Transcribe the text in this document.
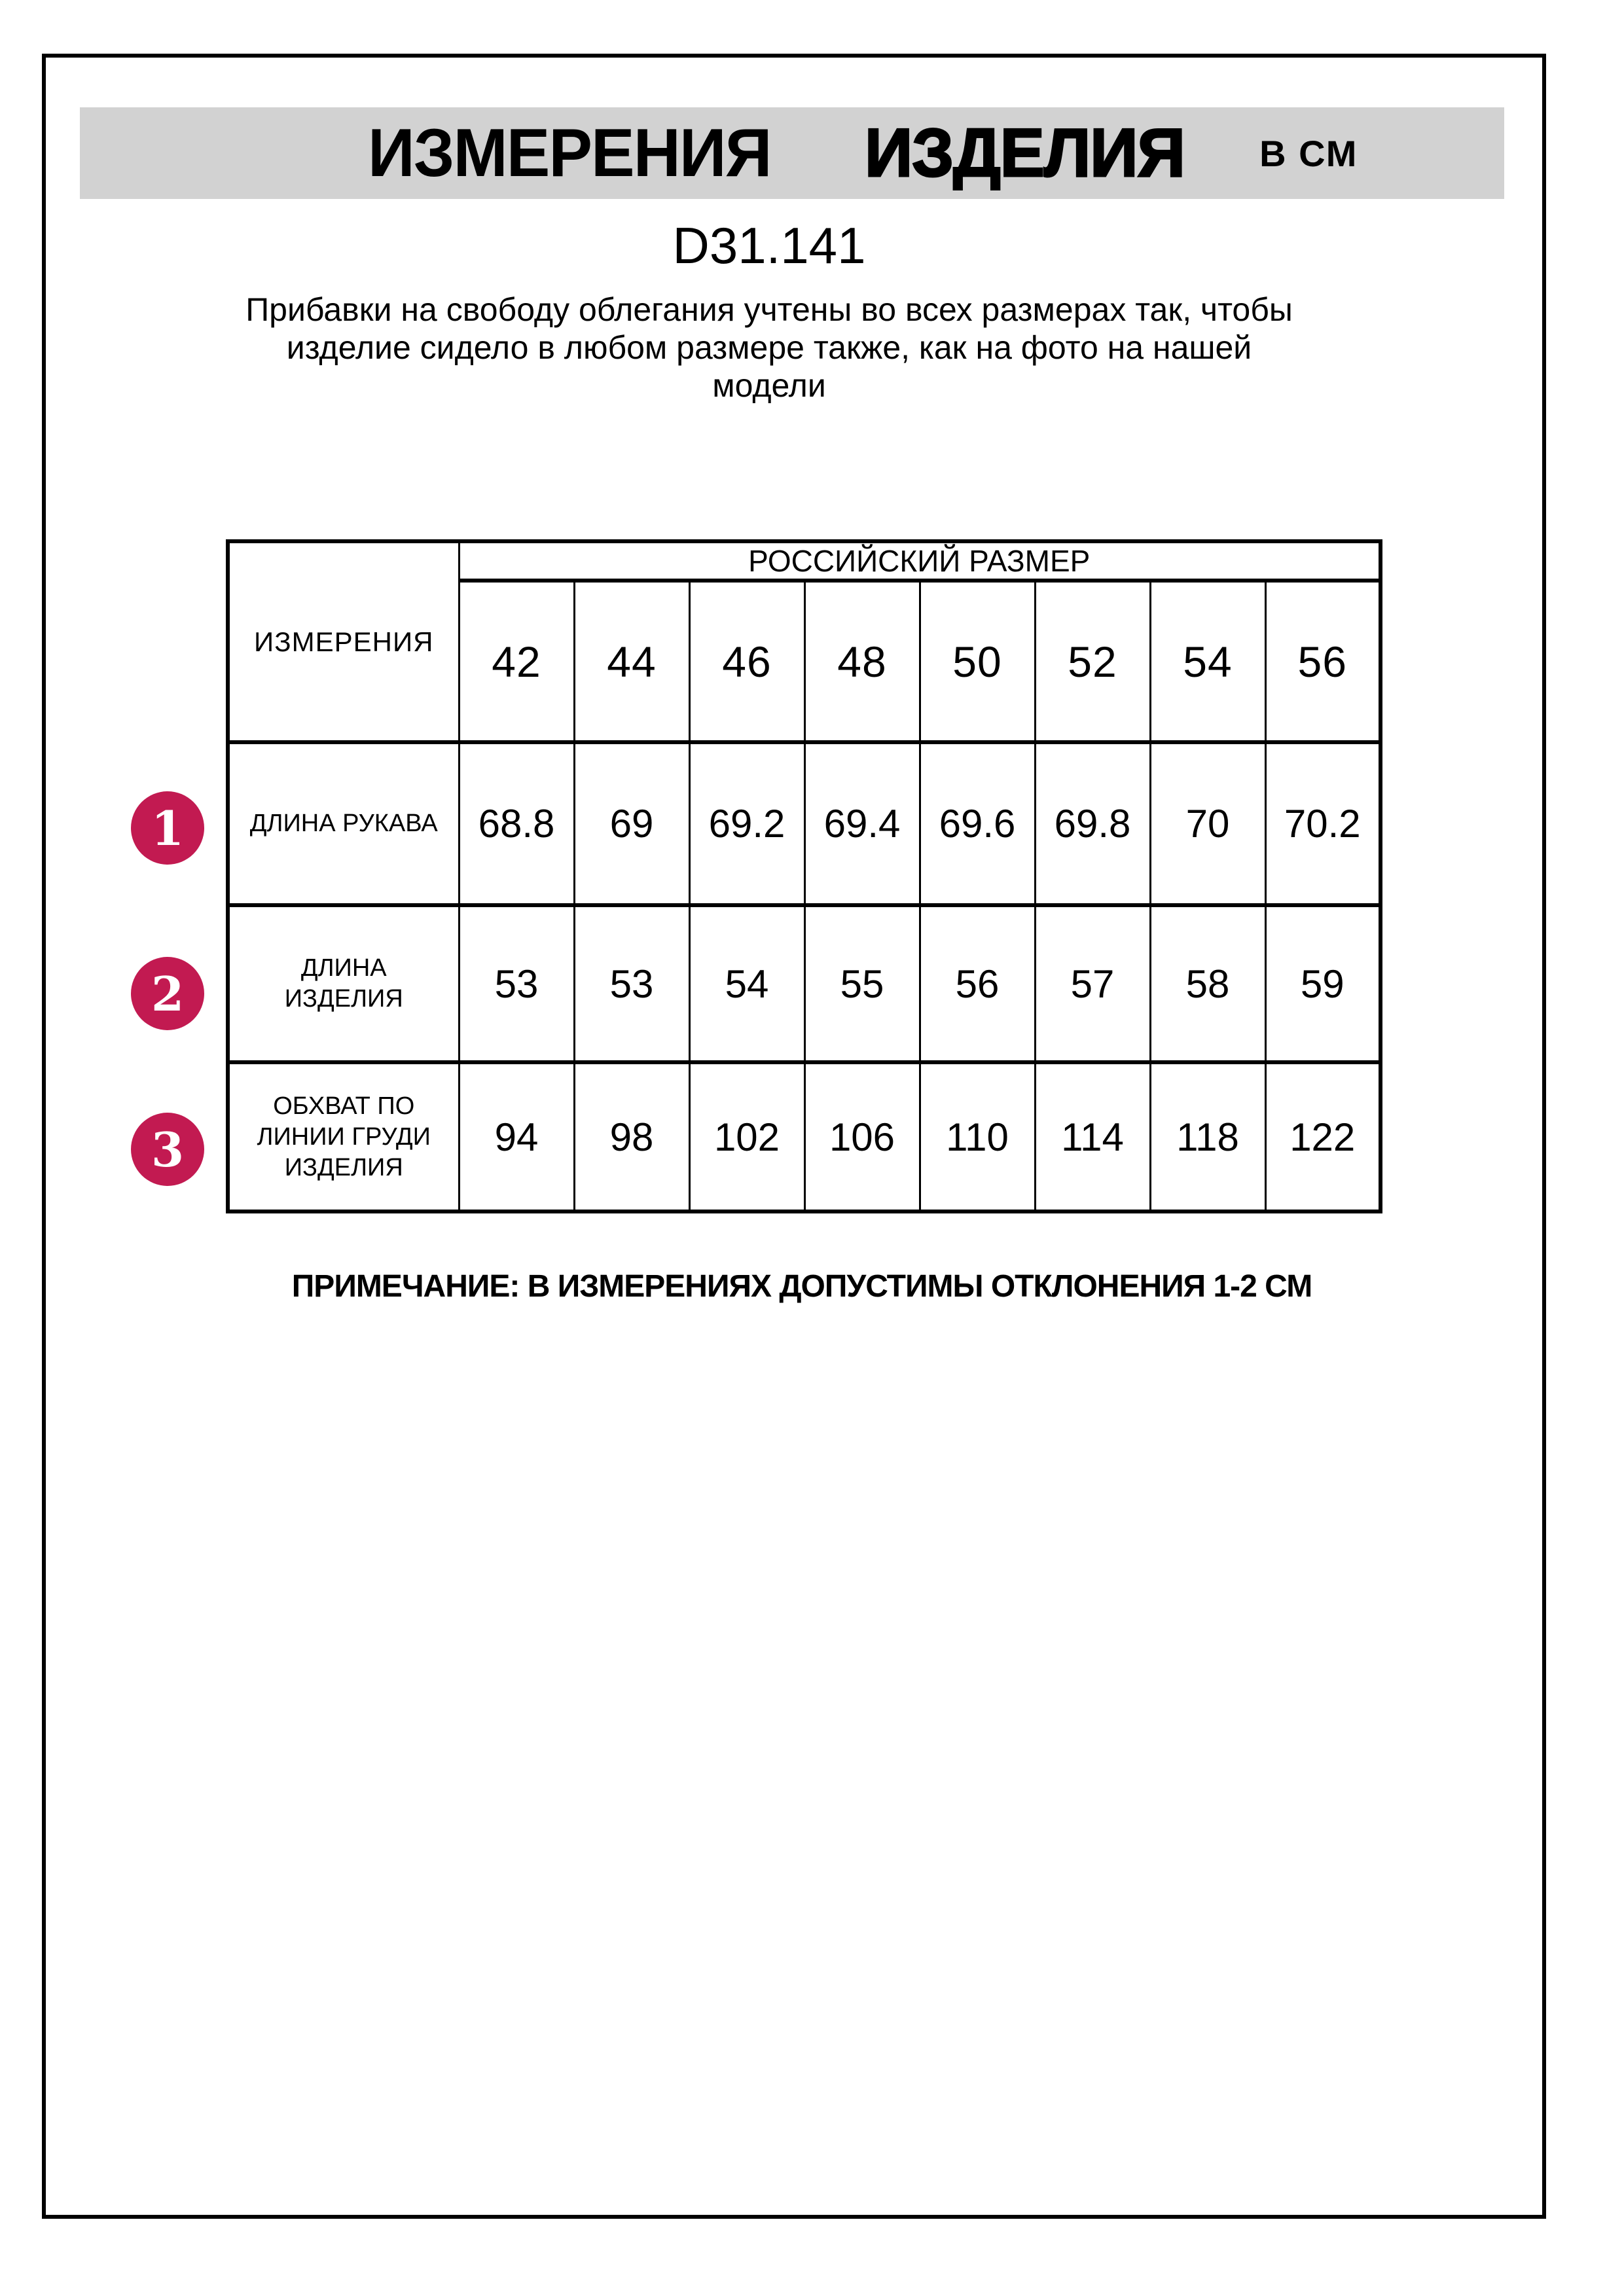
ИЗМЕРЕНИЯ ИЗДЕЛИЯ В СМ
D31.141
Прибавки на свободу облегания учтены во всех размерах так, чтобы
изделие сидело в любом размере также, как на фото на нашей
модели
ИЗМЕРЕНИЯ	РОССИЙСКИЙ РАЗМЕР							
	42	44	46	48	50	52	54	56

ДЛИНА РУКАВА	68.8	69	69.2	69.4	69.6	69.8	70	70.2

ДЛИНА
ИЗДЕЛИЯ	53	53	54	55	56	57	58	59

ОБХВАТ ПО
ЛИНИИ ГРУДИ
ИЗДЕЛИЯ	94	98	102	106	110	114	118	122
1
2
3
ПРИМЕЧАНИЕ: В ИЗМЕРЕНИЯХ ДОПУСТИМЫ ОТКЛОНЕНИЯ 1-2 СМ
